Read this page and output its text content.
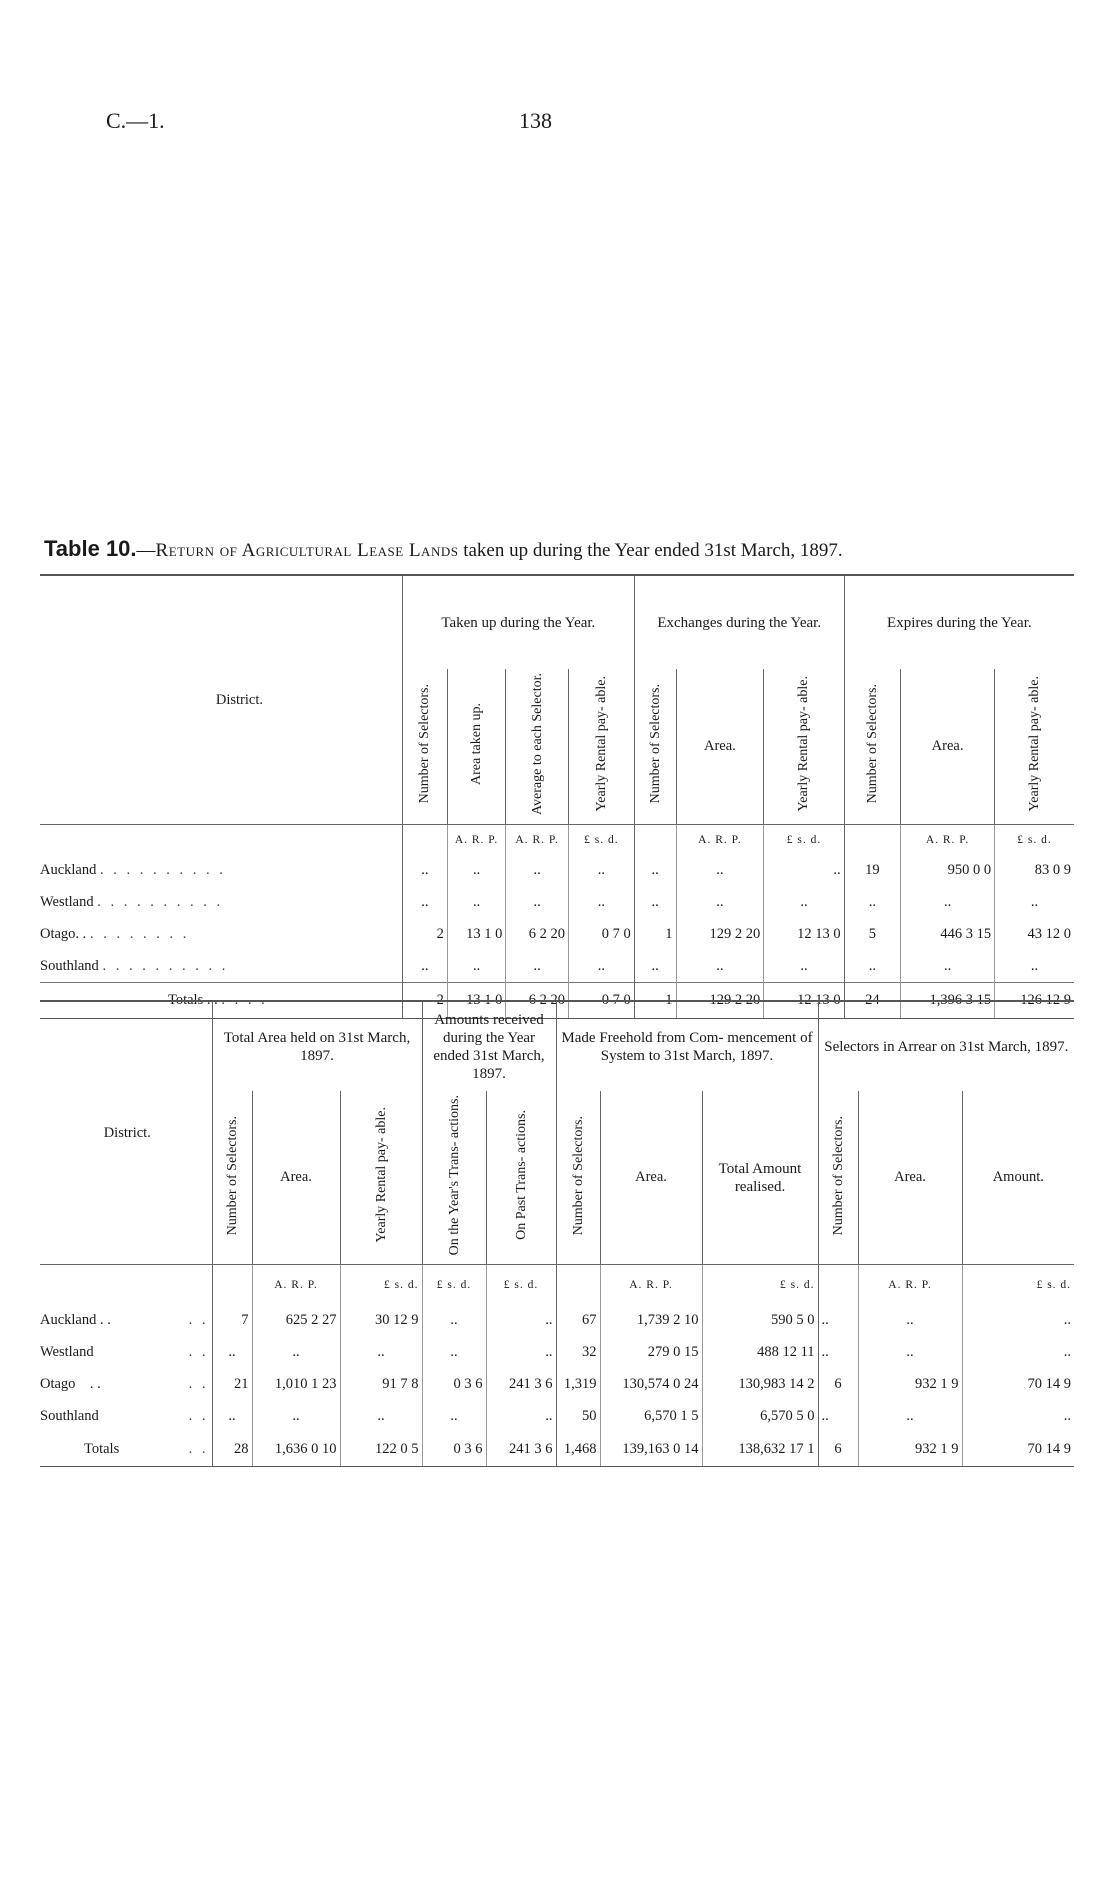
C.—1.	138
Table 10.—Return of Agricultural Lease Lands taken up during the Year ended 31st March, 1897.
District.	Taken up during the Year.				Exchanges during the Year.			Expires during the Year.		
	Number of Selectors.	Area taken up.	Average to each Selector.	Yearly Rental pay- able.	Number of Selectors.	Area.	Yearly Rental pay- able.	Number of Selectors.	Area.	Yearly Rental pay- able.
		A. R. P.	A. R. P.	£ s. d.		A. R. P.	£ s. d.		A. R. P.	£ s. d.
Auckland . . . . . . . . . .	..	..	..	..	..	..	..	19	950 0 0	83 0 9
Westland . . . . . . . . . .	..	..	..	..	..	..	..	..	..	..
Otago. . . . . . . . . .	2	13 1 0	6 2 20	0 7 0	1	129 2 20	12 13 0	5	446 3 15	43 12 0
Southland . . . . . . . . . .	..	..	..	..	..	..	..	..	..	..
Totals . . . . . .	2	13 1 0	6 2 20	0 7 0	1	129 2 20	12 13 0	24	1,396 3 15	126 12 9
District.	Total Area held on 31st March, 1897.			Amounts received during the Year ended 31st March, 1897.		Made Freehold from Com- mencement of System to 31st March, 1897.			Selectors in Arrear on 31st March, 1897.		
	Number of Selectors.	Area.	Yearly Rental pay- able.	On the Year's Trans- actions.	On Past Trans- actions.	Number of Selectors.	Area.	Total Amount realised.	Number of Selectors.	Area.	Amount.
		A. R. P.	£ s. d.	£ s. d.	£ s. d.		A. R. P.	£ s. d.		A. R. P.	£ s. d.
Auckland . . . .	7	625 2 27	30 12 9	..	..	67	1,739 2 10	590 5 0	..	..	..
Westland . .	..	..	..	..	..	32	279 0 15	488 12 11	..	..	..
Otago    . . . .	21	1,010 1 23	91 7 8	0 3 6	241 3 6	1,319	130,574 0 24	130,983 14 2	6	932 1 9	70 14 9
Southland . .	..	..	..	..	..	50	6,570 1 5	6,570 5 0	..	..	..
Totals . .	28	1,636 0 10	122 0 5	0 3 6	241 3 6	1,468	139,163 0 14	138,632 17 1	6	932 1 9	70 14 9
